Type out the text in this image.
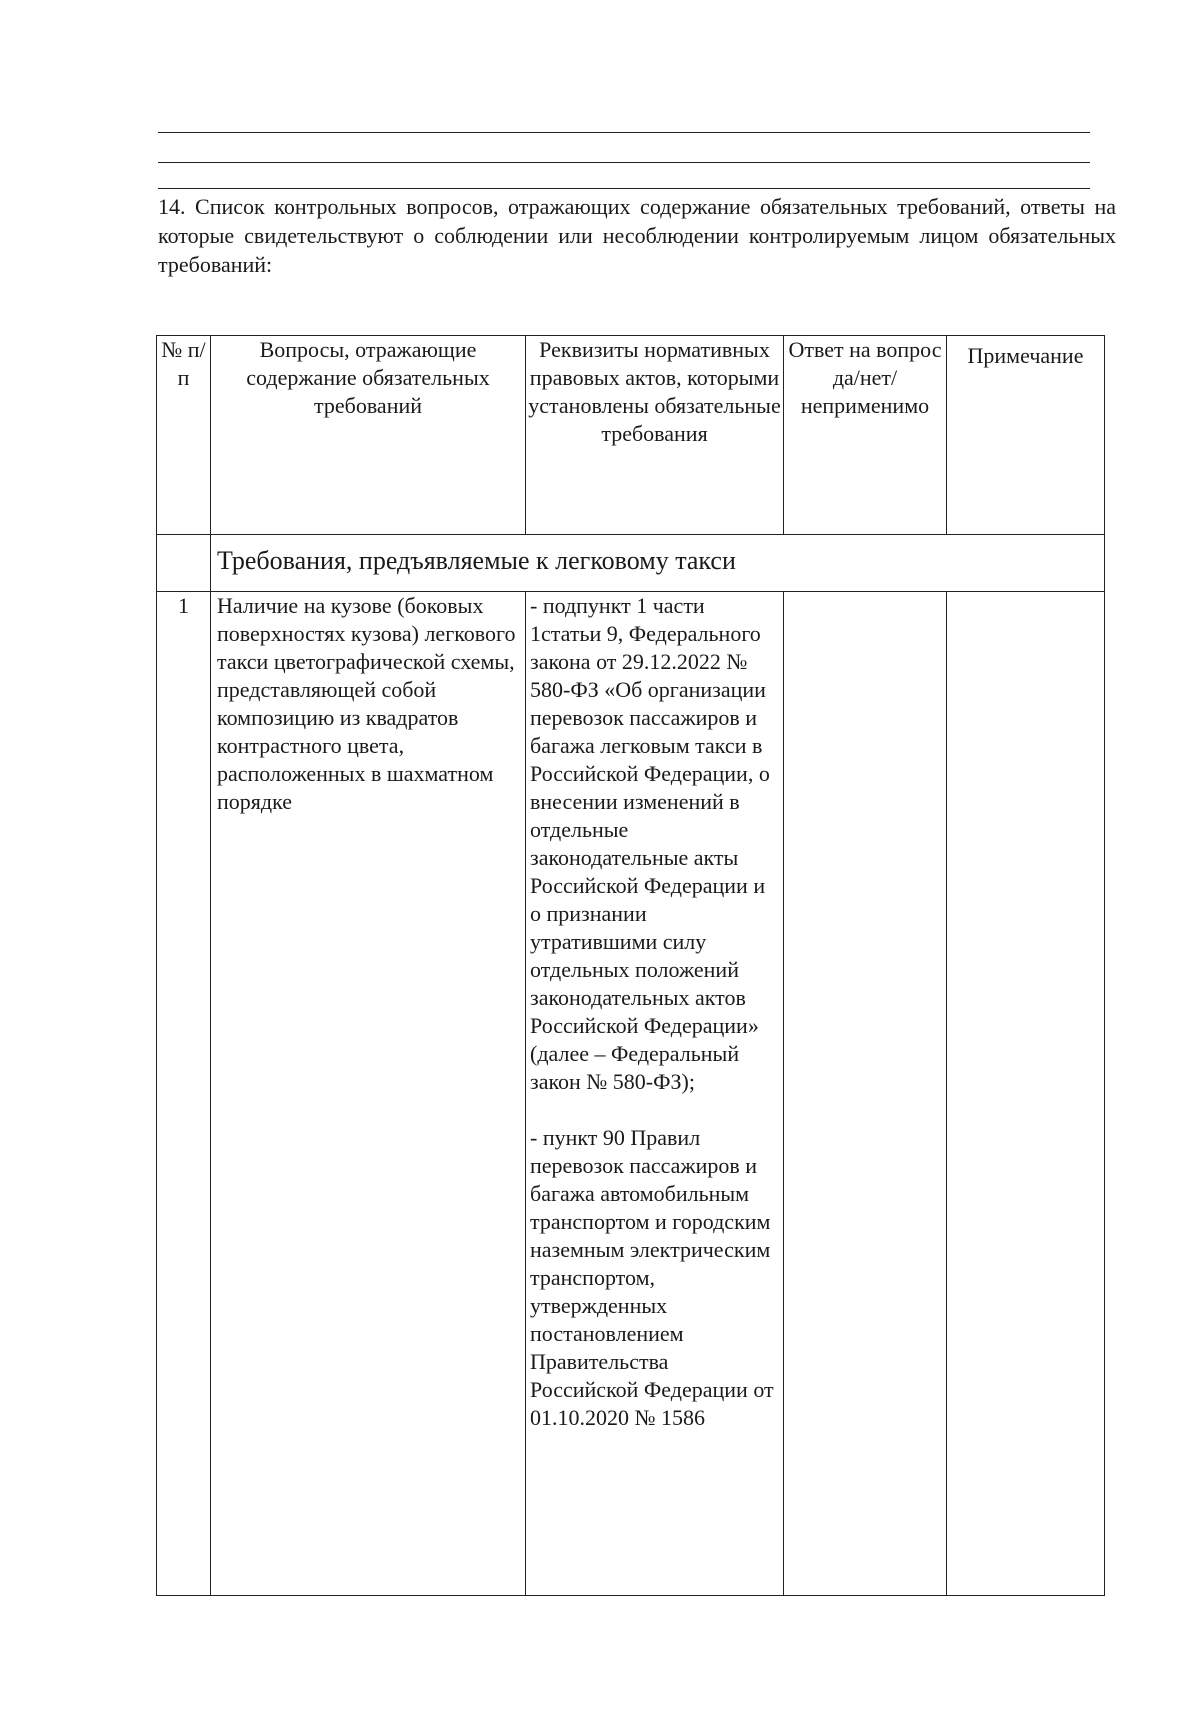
14. Список контрольных вопросов, отражающих содержание обязательных требований, ответы на которые свидетельствуют о соблюдении или несоблюдении контролируемым лицом обязательных требований:

№ п/п	Вопросы, отражающие содержание обязательных требований	Реквизиты нормативных правовых актов, которыми установлены обязательные требования	Ответ на вопрос да/нет/ неприменимо	Примечание

	Требования, предъявляемые к легковому такси			

1	Наличие на кузове (боковых поверхностях кузова) легкового такси цветографической схемы, представляющей собой композицию из квадратов контрастного цвета, расположенных в шахматном порядке	- подпункт 1 части 1статьи 9, Федерального закона от 29.12.2022 № 580-ФЗ «Об организации перевозок пассажиров и багажа легковым такси в Российской Федерации, о внесении изменений в отдельные законодательные акты Российской Федерации и о признании утратившими силу отдельных положений законодательных актов Российской Федерации» (далее – Федеральный закон № 580-ФЗ);
- пункт 90 Правил перевозок пассажиров и багажа автомобильным транспортом и городским наземным электрическим транспортом, утвержденных постановлением Правительства Российской Федерации от 01.10.2020 № 1586		
